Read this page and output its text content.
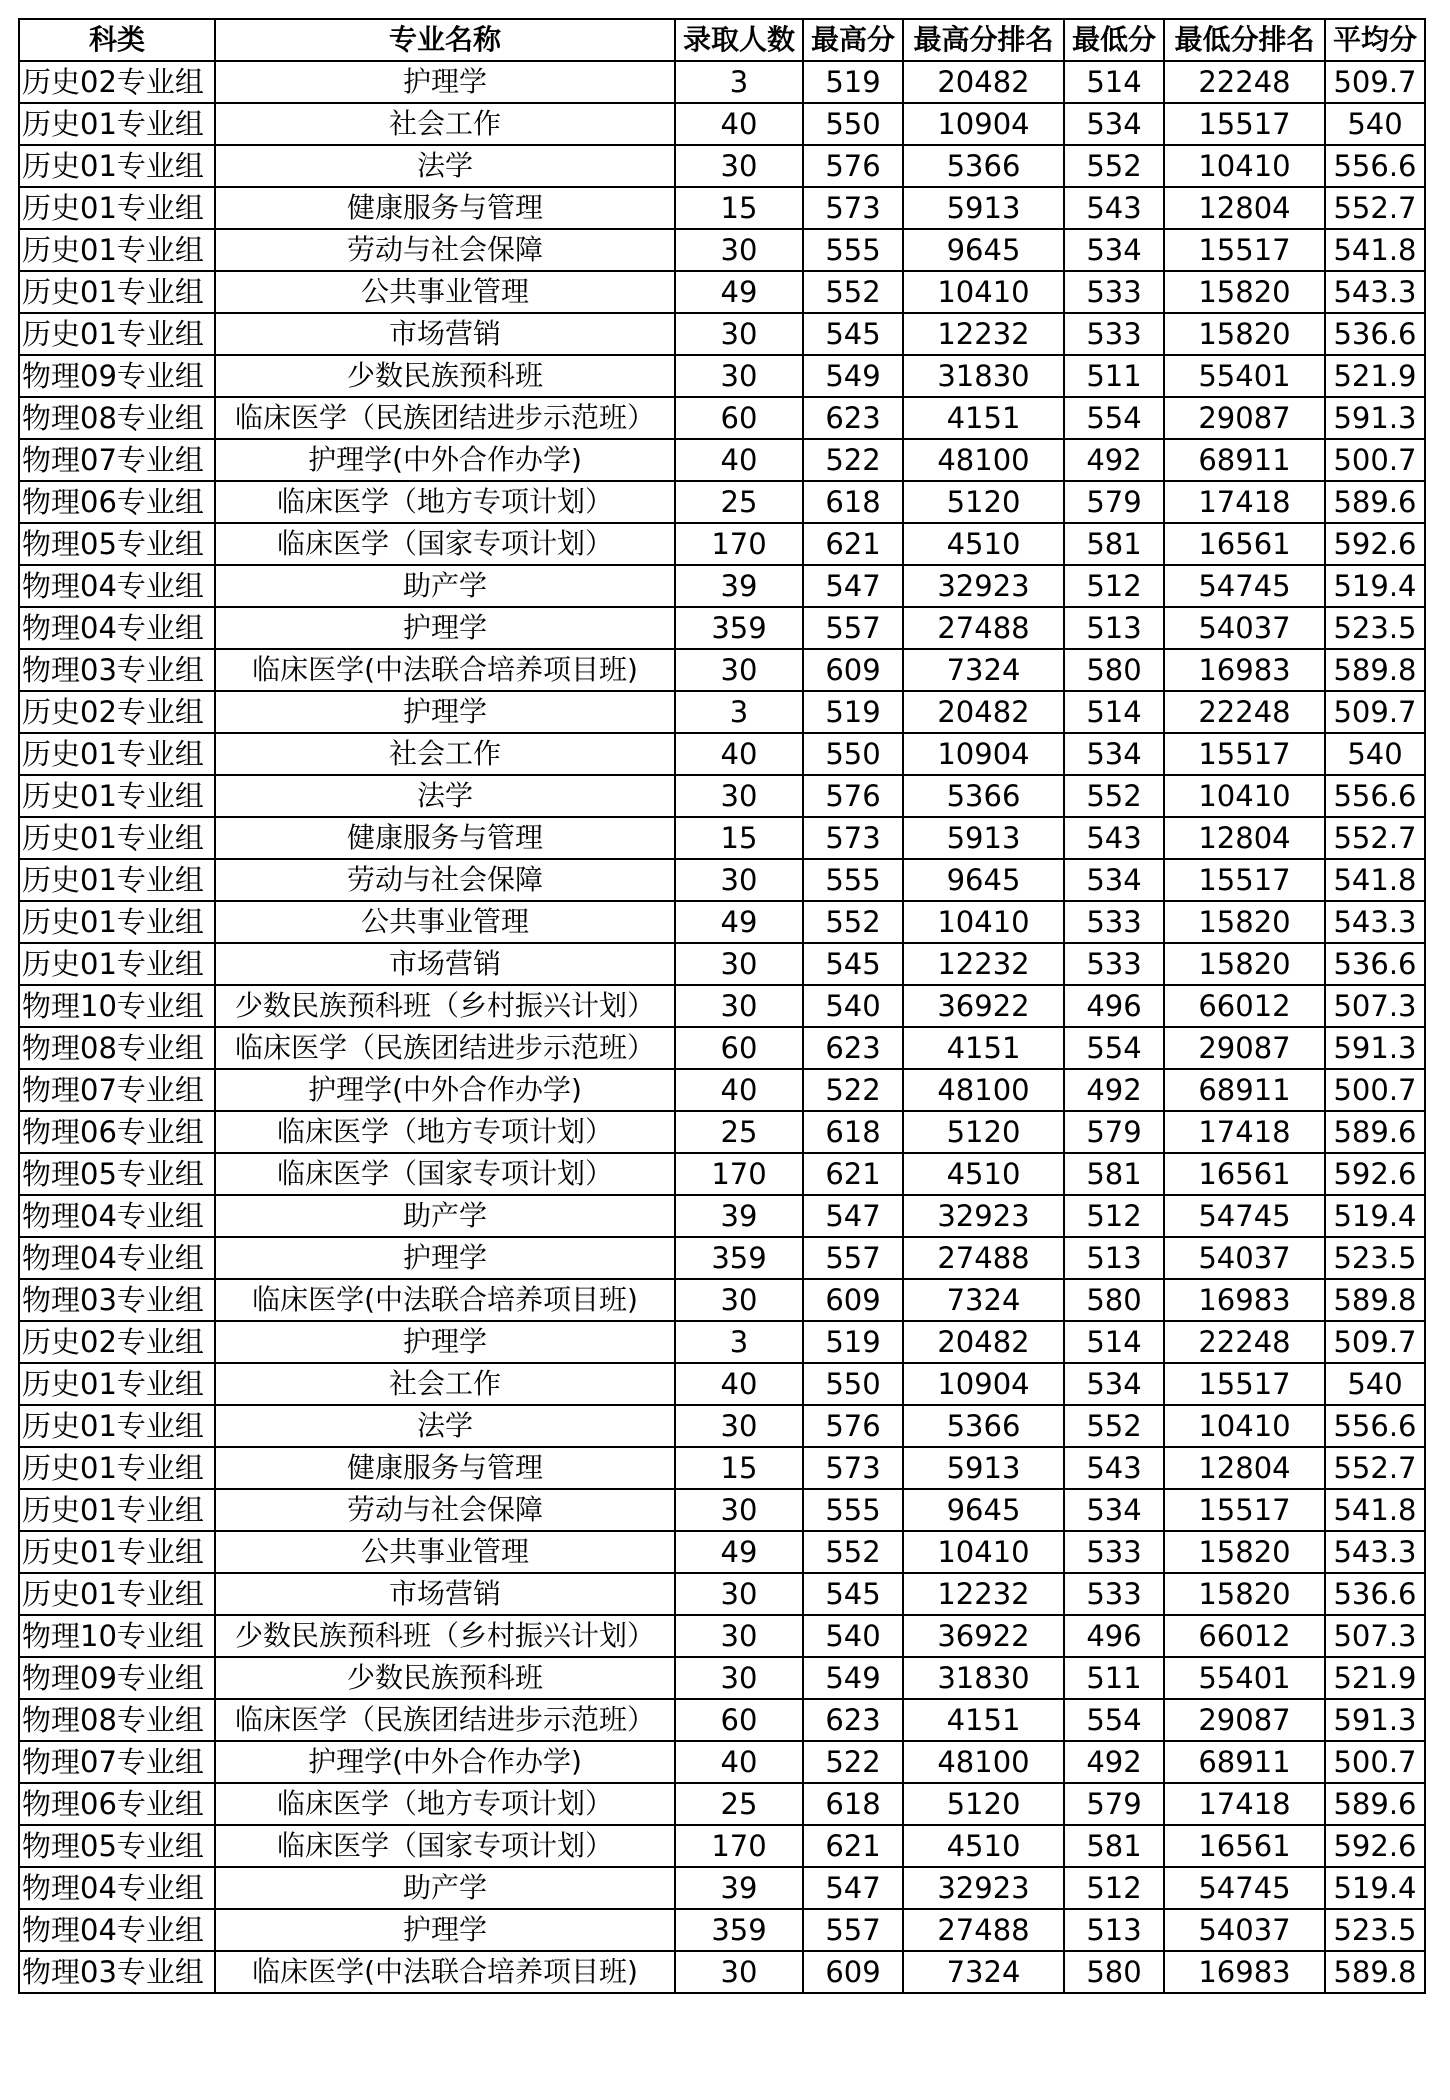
科类	专业名称	录取人数	最高分	最高分排名	最低分	最低分排名	平均分
历史02专业组	护理学	3	519	20482	514	22248	509.7
历史01专业组	社会工作	40	550	10904	534	15517	540
历史01专业组	法学	30	576	5366	552	10410	556.6
历史01专业组	健康服务与管理	15	573	5913	543	12804	552.7
历史01专业组	劳动与社会保障	30	555	9645	534	15517	541.8
历史01专业组	公共事业管理	49	552	10410	533	15820	543.3
历史01专业组	市场营销	30	545	12232	533	15820	536.6
物理09专业组	少数民族预科班	30	549	31830	511	55401	521.9
物理08专业组	临床医学（民族团结进步示范班）	60	623	4151	554	29087	591.3
物理07专业组	护理学(中外合作办学)	40	522	48100	492	68911	500.7
物理06专业组	临床医学（地方专项计划）	25	618	5120	579	17418	589.6
物理05专业组	临床医学（国家专项计划）	170	621	4510	581	16561	592.6
物理04专业组	助产学	39	547	32923	512	54745	519.4
物理04专业组	护理学	359	557	27488	513	54037	523.5
物理03专业组	临床医学(中法联合培养项目班)	30	609	7324	580	16983	589.8
历史02专业组	护理学	3	519	20482	514	22248	509.7
历史01专业组	社会工作	40	550	10904	534	15517	540
历史01专业组	法学	30	576	5366	552	10410	556.6
历史01专业组	健康服务与管理	15	573	5913	543	12804	552.7
历史01专业组	劳动与社会保障	30	555	9645	534	15517	541.8
历史01专业组	公共事业管理	49	552	10410	533	15820	543.3
历史01专业组	市场营销	30	545	12232	533	15820	536.6
物理10专业组	少数民族预科班（乡村振兴计划）	30	540	36922	496	66012	507.3
物理08专业组	临床医学（民族团结进步示范班）	60	623	4151	554	29087	591.3
物理07专业组	护理学(中外合作办学)	40	522	48100	492	68911	500.7
物理06专业组	临床医学（地方专项计划）	25	618	5120	579	17418	589.6
物理05专业组	临床医学（国家专项计划）	170	621	4510	581	16561	592.6
物理04专业组	助产学	39	547	32923	512	54745	519.4
物理04专业组	护理学	359	557	27488	513	54037	523.5
物理03专业组	临床医学(中法联合培养项目班)	30	609	7324	580	16983	589.8
历史02专业组	护理学	3	519	20482	514	22248	509.7
历史01专业组	社会工作	40	550	10904	534	15517	540
历史01专业组	法学	30	576	5366	552	10410	556.6
历史01专业组	健康服务与管理	15	573	5913	543	12804	552.7
历史01专业组	劳动与社会保障	30	555	9645	534	15517	541.8
历史01专业组	公共事业管理	49	552	10410	533	15820	543.3
历史01专业组	市场营销	30	545	12232	533	15820	536.6
物理10专业组	少数民族预科班（乡村振兴计划）	30	540	36922	496	66012	507.3
物理09专业组	少数民族预科班	30	549	31830	511	55401	521.9
物理08专业组	临床医学（民族团结进步示范班）	60	623	4151	554	29087	591.3
物理07专业组	护理学(中外合作办学)	40	522	48100	492	68911	500.7
物理06专业组	临床医学（地方专项计划）	25	618	5120	579	17418	589.6
物理05专业组	临床医学（国家专项计划）	170	621	4510	581	16561	592.6
物理04专业组	助产学	39	547	32923	512	54745	519.4
物理04专业组	护理学	359	557	27488	513	54037	523.5
物理03专业组	临床医学(中法联合培养项目班)	30	609	7324	580	16983	589.8
